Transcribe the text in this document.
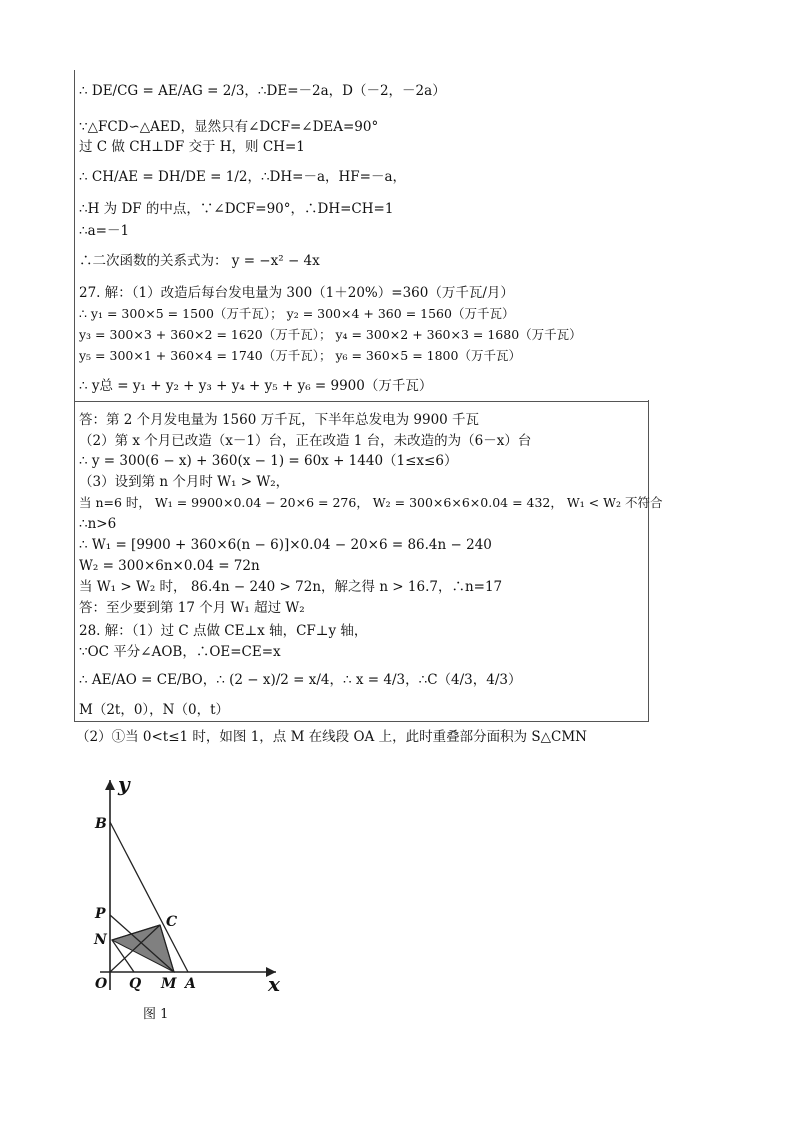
∴ DE/CG = AE/AG = 2/3，∴DE=－2a，D（－2，－2a）
∵△FCD∽△AED，显然只有∠DCF=∠DEA=90°
过 C 做 CH⊥DF 交于 H，则 CH=1
∴ CH/AE = DH/DE = 1/2，∴DH=－a，HF=－a，
∴H 为 DF 的中点，∵∠DCF=90°，∴DH=CH=1
∴a=－1
∴二次函数的关系式为： y = −x² − 4x
27. 解：（1）改造后每台发电量为 300（1＋20%）=360（万千瓦/月）
∴ y₁ = 300×5 = 1500（万千瓦）； y₂ = 300×4 + 360 = 1560（万千瓦）
y₃ = 300×3 + 360×2 = 1620（万千瓦）； y₄ = 300×2 + 360×3 = 1680（万千瓦）
y₅ = 300×1 + 360×4 = 1740（万千瓦）； y₆ = 360×5 = 1800（万千瓦）
∴ y总 = y₁ + y₂ + y₃ + y₄ + y₅ + y₆ = 9900（万千瓦）
答：第 2 个月发电量为 1560 万千瓦，下半年总发电为 9900 千瓦
（2）第 x 个月已改造（x－1）台，正在改造 1 台，未改造的为（6－x）台
∴ y = 300(6 − x) + 360(x − 1) = 60x + 1440（1≤x≤6）
（3）设到第 n 个月时 W₁ > W₂，
当 n=6 时， W₁ = 9900×0.04 − 20×6 = 276， W₂ = 300×6×6×0.04 = 432， W₁ < W₂ 不符合
∴n>6
∴ W₁ = [9900 + 360×6(n − 6)]×0.04 − 20×6 = 86.4n − 240
W₂ = 300×6n×0.04 = 72n
当 W₁ > W₂ 时， 86.4n − 240 > 72n，解之得 n > 16.7，∴n=17
答：至少要到第 17 个月 W₁ 超过 W₂
28. 解：（1）过 C 点做 CE⊥x 轴，CF⊥y 轴，
∵OC 平分∠AOB，∴OE=CE=x
∴ AE/AO = CE/BO，∴ (2 − x)/2 = x/4，∴ x = 4/3，∴C（4/3，4/3）
M（2t，0），N（0，t）
（2）①当 0<t≤1 时，如图 1，点 M 在线段 OA 上，此时重叠部分面积为 S△CMN
y
x
B
P
N
C
O Q M A
图 1
